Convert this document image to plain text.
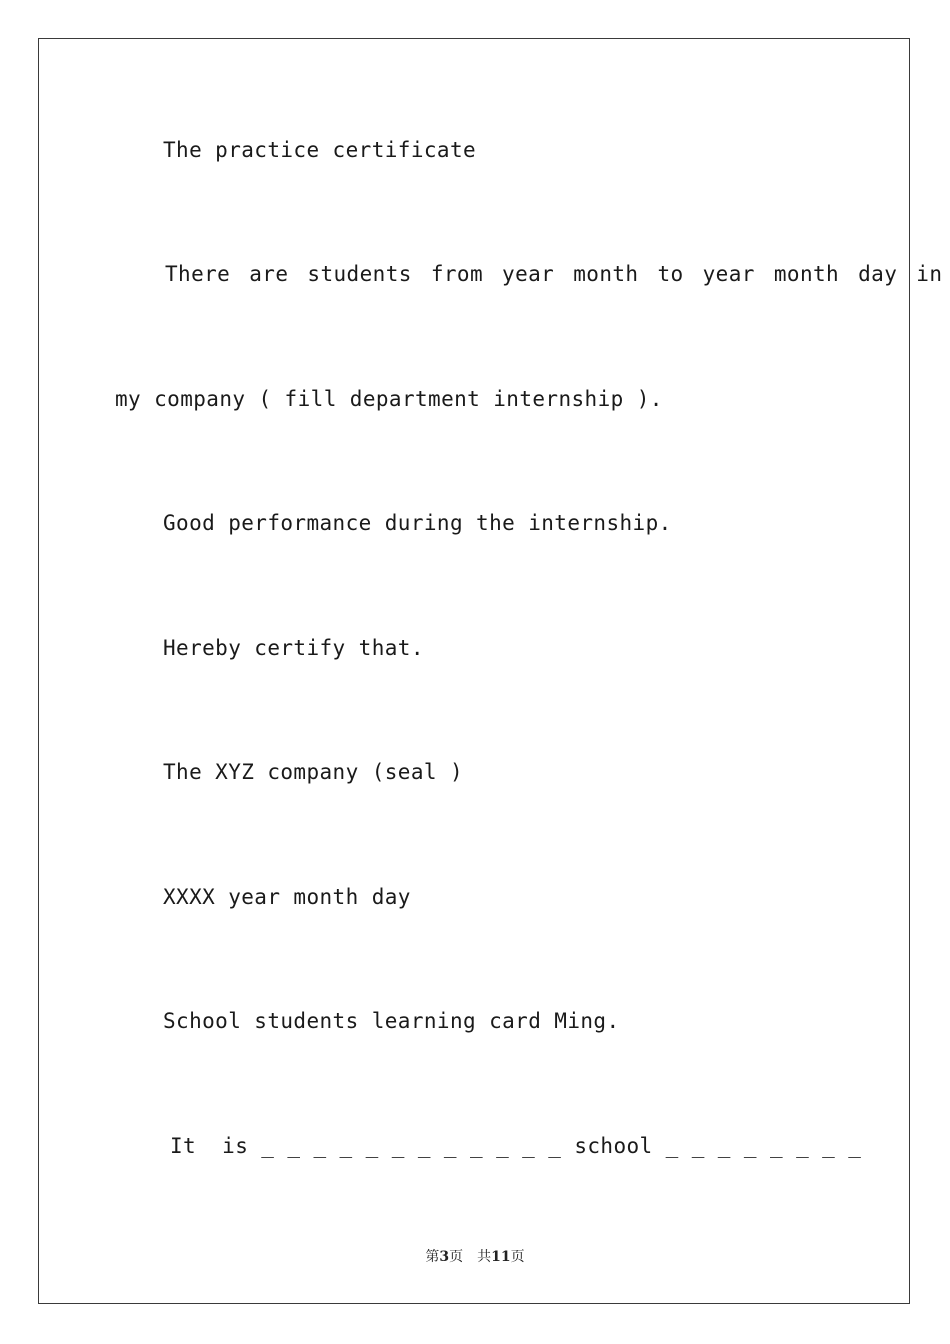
The practice certificate
There are students from year month to year month day in
my company ( fill department internship ).
Good performance during the internship.
Hereby certify that.
The XYZ company (seal )
XXXX year month day
School students learning card Ming.
It  is _ _ _ _ _ _ _ _ _ _ _ _ school _ _ _ _ _ _ _ _
第3页 共11页
